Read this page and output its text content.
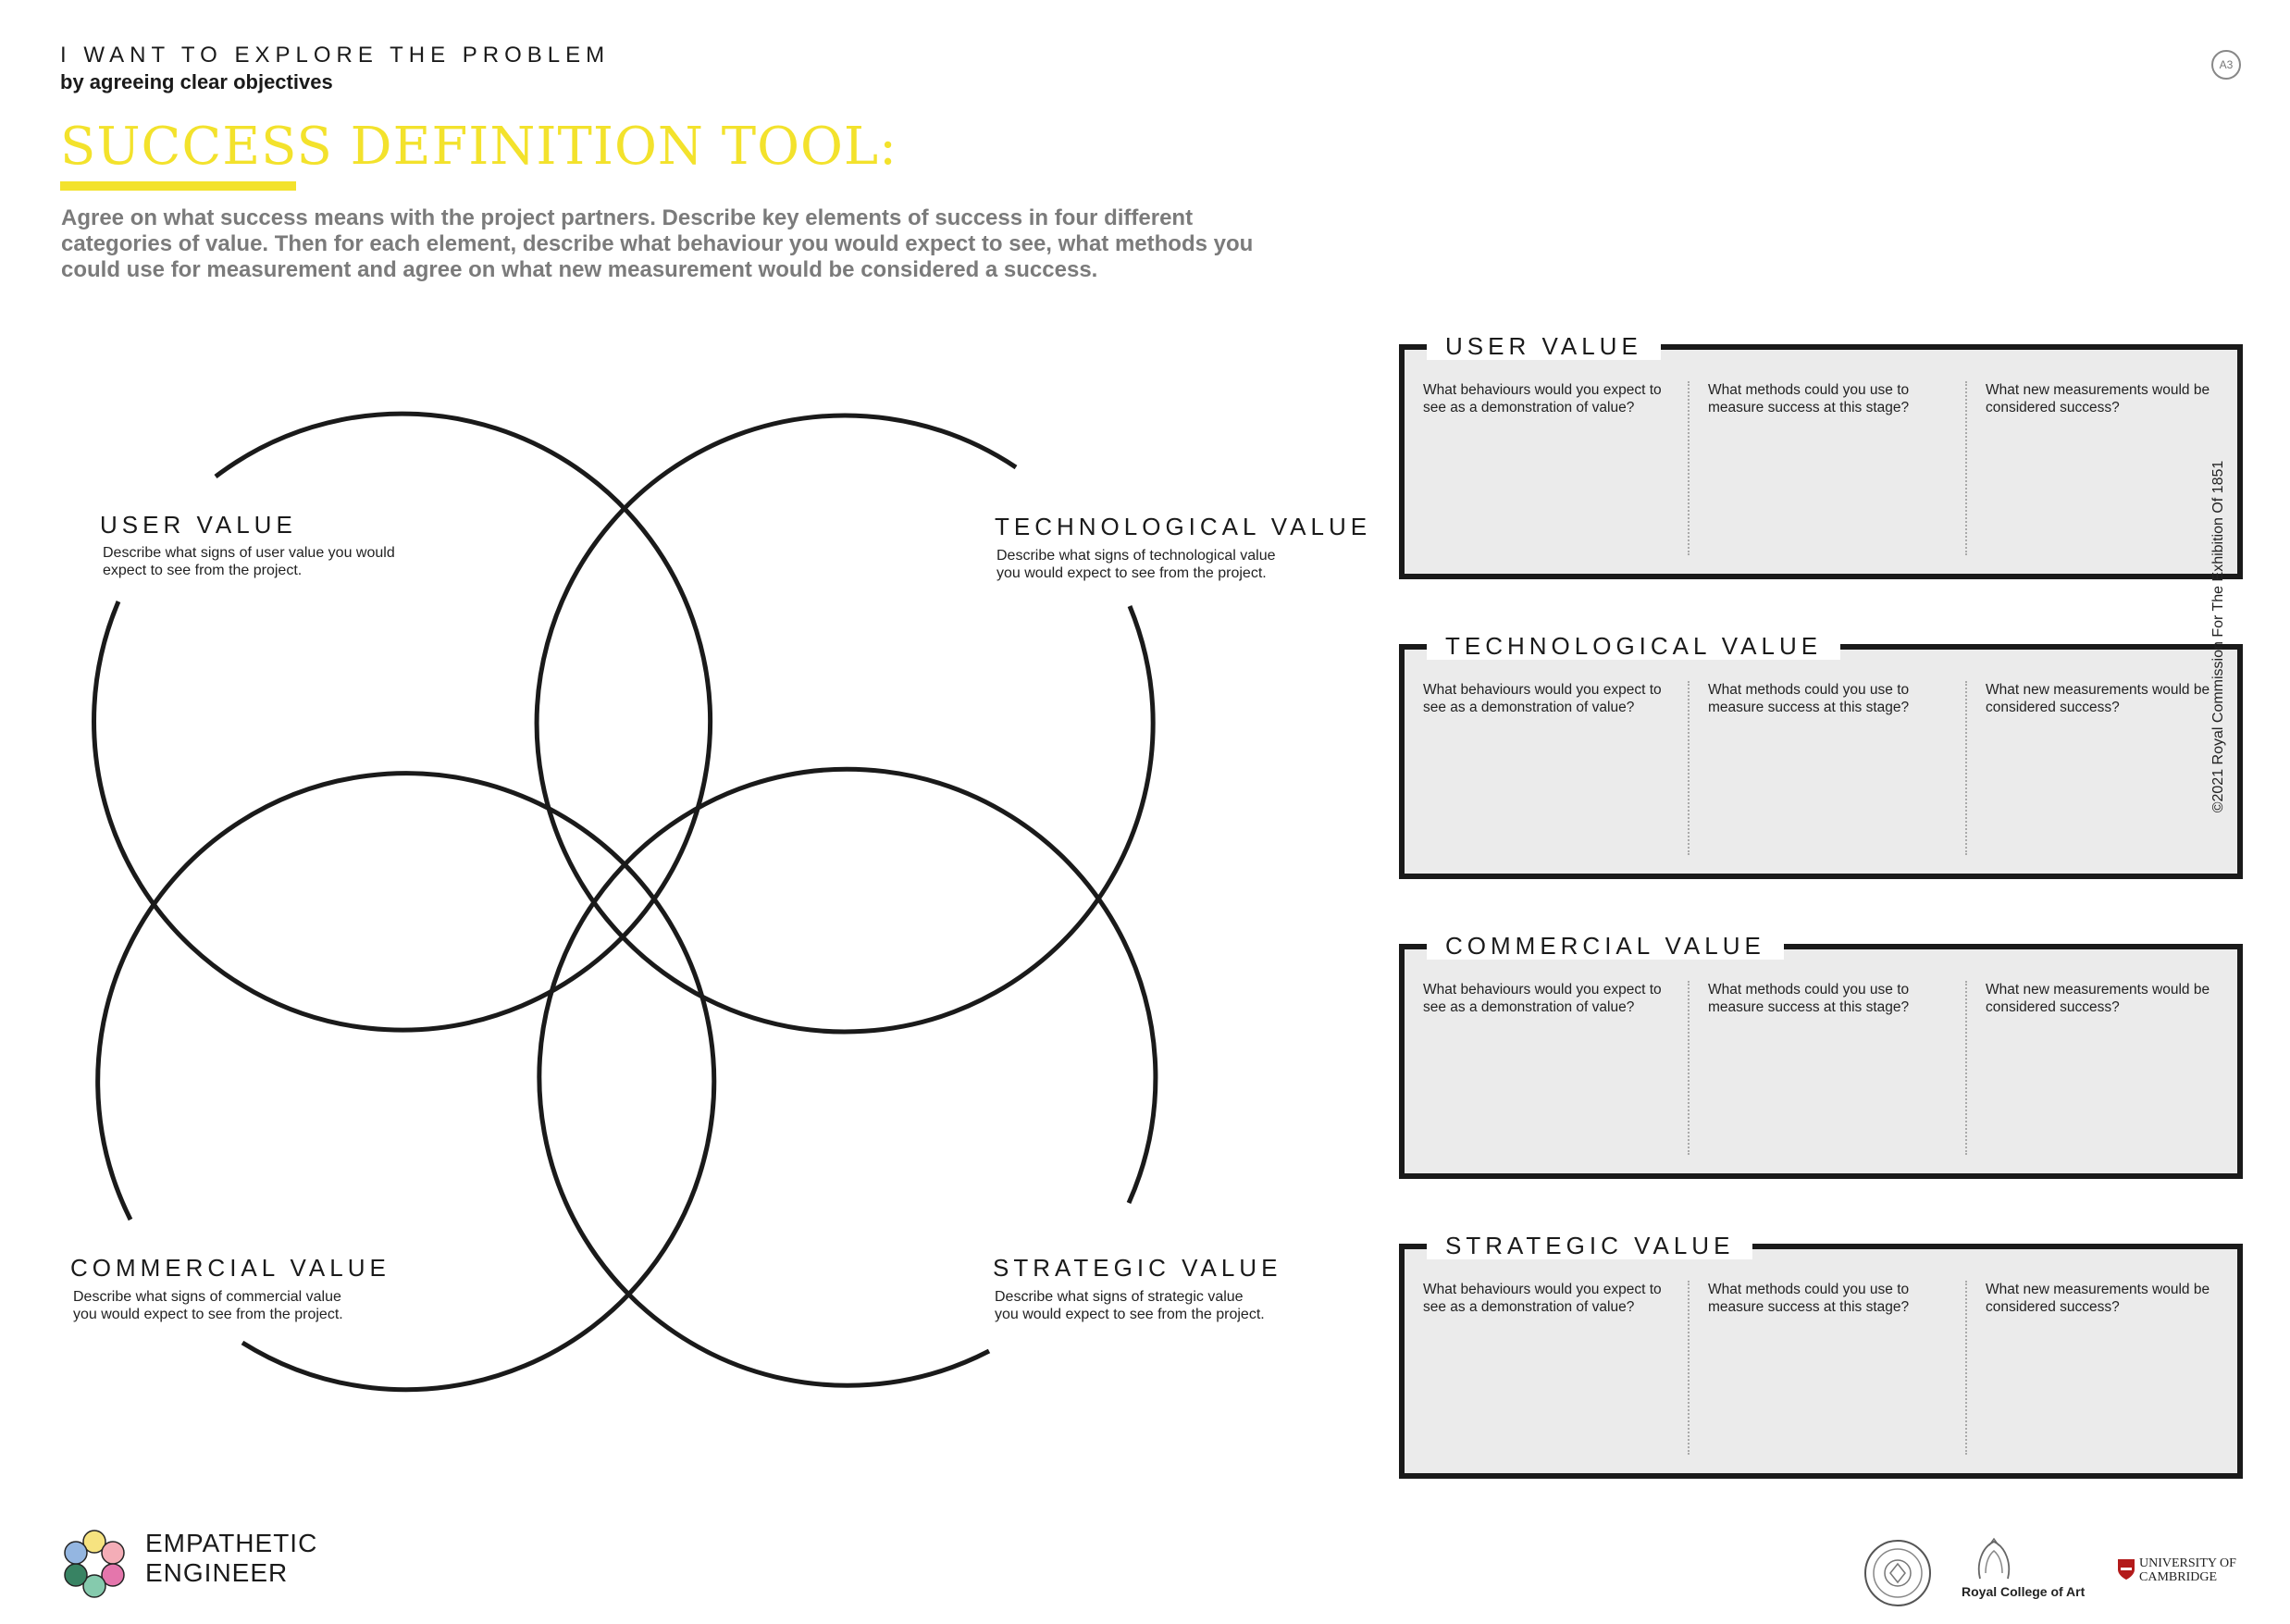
I WANT TO EXPLORE THE PROBLEM
by agreeing clear objectives
A3
SUCCESS DEFINITION TOOL:
Agree on what success means with the project partners. Describe key elements of success in four different categories of value. Then for each element, describe what behaviour you would expect to see, what methods you could use for measurement and agree on what new measurement would be considered a success.
USER VALUE
Describe what signs of user value you would
expect to see from the project.
TECHNOLOGICAL VALUE
Describe what signs of technological value
you would expect to see from the project.
COMMERCIAL VALUE
Describe what signs of commercial value
you would expect to see from the project.
STRATEGIC VALUE
Describe what signs of strategic value
you would expect to see from the project.
USER VALUE
What behaviours would you expect to see as a demonstration of value?
What methods could you use to measure success at this stage?
What new measurements would be considered success?
TECHNOLOGICAL VALUE
What behaviours would you expect to see as a demonstration of value?
What methods could you use to measure success at this stage?
What new measurements would be considered success?
COMMERCIAL VALUE
What behaviours would you expect to see as a demonstration of value?
What methods could you use to measure success at this stage?
What new measurements would be considered success?
STRATEGIC VALUE
What behaviours would you expect to see as a demonstration of value?
What methods could you use to measure success at this stage?
What new measurements would be considered success?
©2021 Royal Commission For The Exhibition Of 1851
EMPATHETIC
ENGINEER
Royal College of Art
UNIVERSITY OF
CAMBRIDGE
